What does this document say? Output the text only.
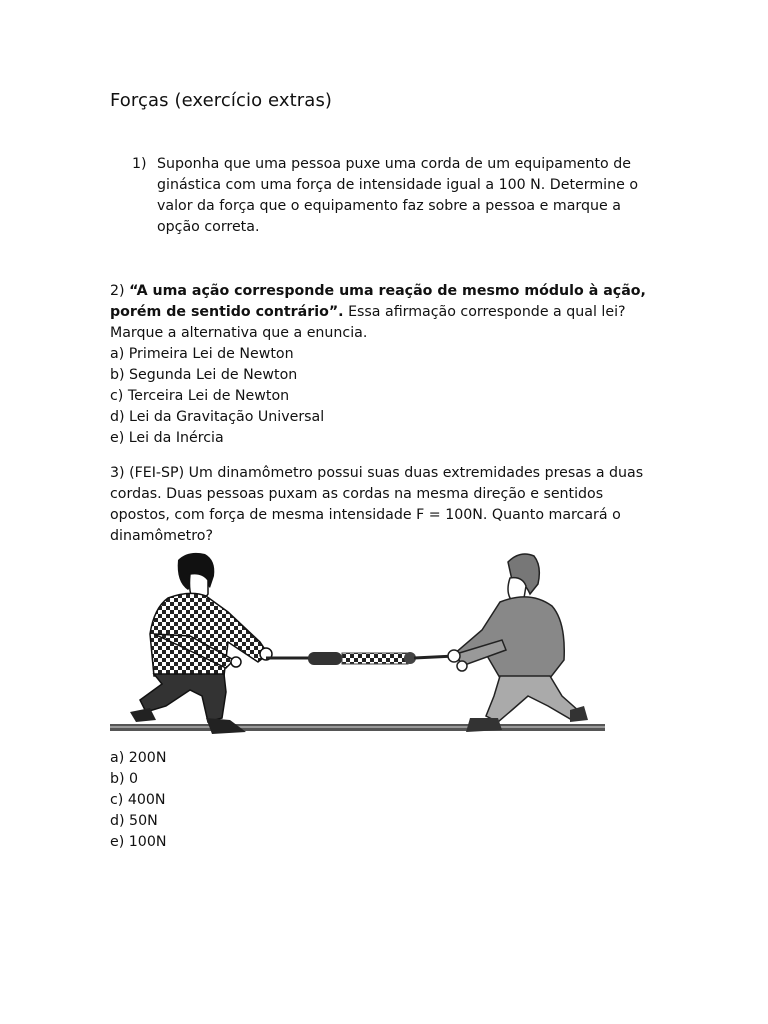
Forças (exercício extras)
1) Suponha que uma pessoa puxe uma corda de um equipamento de ginástica com uma força de intensidade igual a 100 N. Determine o valor da força que o equipamento faz sobre a pessoa e marque a opção correta.

2) “A uma ação corresponde uma reação de mesmo módulo à ação, porém de sentido contrário”. Essa afirmação corresponde a qual lei? Marque a alternativa que a enuncia.

a) Primeira Lei de Newton

b) Segunda Lei de Newton

c) Terceira Lei de Newton

d) Lei da Gravitação Universal

e) Lei da Inércia

3) (FEI-SP) Um dinamômetro possui suas duas extremidades presas a duas cordas. Duas pessoas puxam as cordas na mesma direção e sentidos opostos, com força de mesma intensidade F = 100N. Quanto marcará o dinamômetro?

a) 200N

b) 0

c) 400N

d) 50N

e) 100N
